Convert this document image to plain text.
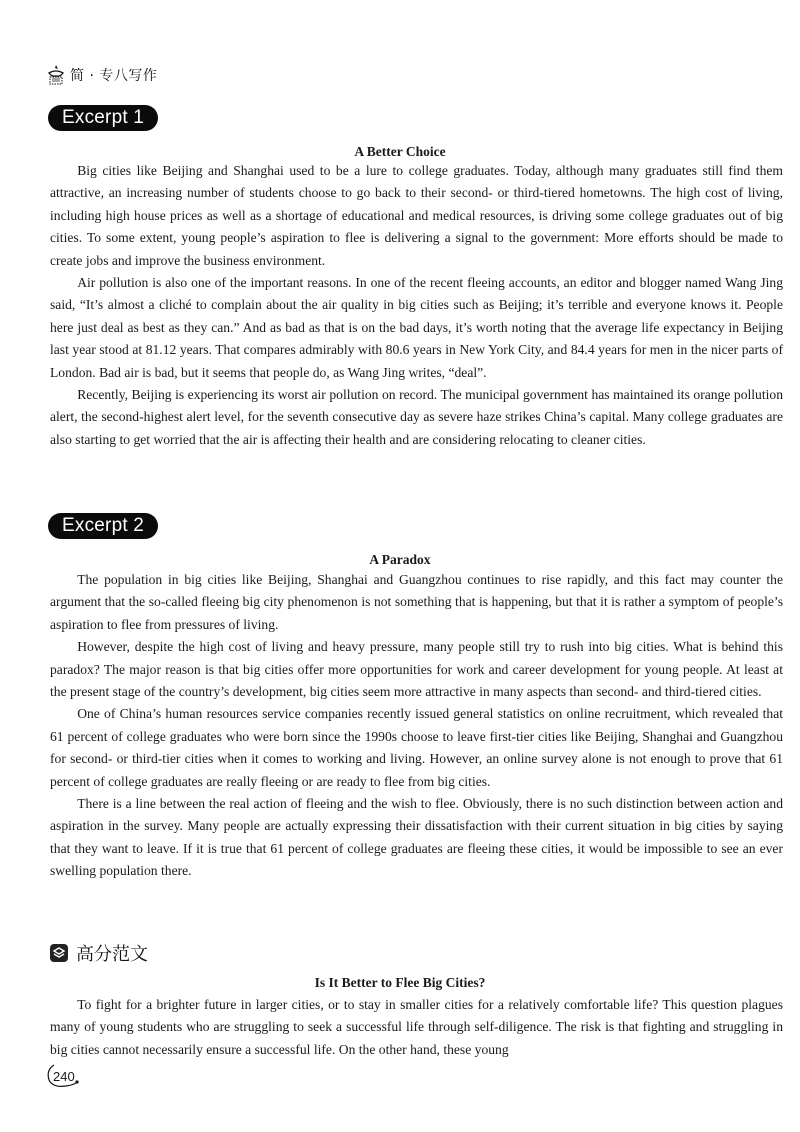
简 · 专八写作
Excerpt 1
A Better Choice

Big cities like Beijing and Shanghai used to be a lure to college graduates. Today, although many graduates still find them attractive, an increasing number of students choose to go back to their second- or third-tiered hometowns. The high cost of living, including high house prices as well as a shortage of educational and medical resources, is driving some college graduates out of big cities. To some extent, young people’s aspiration to flee is delivering a signal to the government: More efforts should be made to create jobs and improve the business environment.

Air pollution is also one of the important reasons. In one of the recent fleeing accounts, an editor and blogger named Wang Jing said, “It’s almost a cliché to complain about the air quality in big cities such as Beijing; it’s terrible and everyone knows it. People here just deal as best as they can.” And as bad as that is on the bad days, it’s worth noting that the average life expectancy in Beijing last year stood at 81.12 years. That compares admirably with 80.6 years in New York City, and 84.4 years for men in the nicer parts of London. Bad air is bad, but it seems that people do, as Wang Jing writes, “deal”.

Recently, Beijing is experiencing its worst air pollution on record. The municipal government has maintained its orange pollution alert, the second-highest alert level, for the seventh consecutive day as severe haze strikes China’s capital. Many college graduates are also starting to get worried that the air is affecting their health and are considering relocating to cleaner cities.

Excerpt 2
A Paradox

The population in big cities like Beijing, Shanghai and Guangzhou continues to rise rapidly, and this fact may counter the argument that the so-called fleeing big city phenomenon is not something that is happening, but that it is rather a symptom of people’s aspiration to flee from pressures of living.

However, despite the high cost of living and heavy pressure, many people still try to rush into big cities. What is behind this paradox? The major reason is that big cities offer more opportunities for work and career development for young people. At least at the present stage of the country’s development, big cities seem more attractive in many aspects than second- and third-tiered cities.

One of China’s human resources service companies recently issued general statistics on online recruitment, which revealed that 61 percent of college graduates who were born since the 1990s choose to leave first-tier cities like Beijing, Shanghai and Guangzhou for second- or third-tier cities when it comes to working and living. However, an online survey alone is not enough to prove that 61 percent of college graduates are really fleeing or are ready to flee from big cities.

There is a line between the real action of fleeing and the wish to flee. Obviously, there is no such distinction between action and aspiration in the survey. Many people are actually expressing their dissatisfaction with their current situation in big cities by saying that they want to leave. If it is true that 61 percent of college graduates are fleeing these cities, it would be impossible to see an ever swelling population there.

高分范文
Is It Better to Flee Big Cities?

To fight for a brighter future in larger cities, or to stay in smaller cities for a relatively comfortable life? This question plagues many of young students who are struggling to seek a successful life through self-diligence. The risk is that fighting and struggling in big cities cannot necessarily ensure a successful life. On the other hand, these young

240
